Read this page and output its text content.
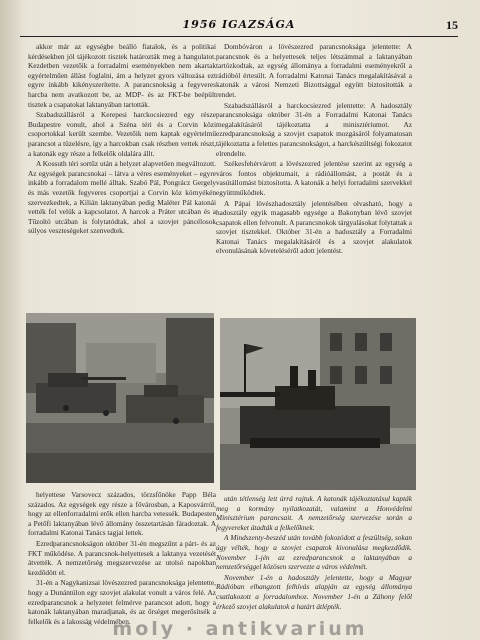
1956 IGAZSÁGA	15

akkor már az egységbe beálló fiatalok, és a politikai kérdésekben jól tájékozott tisztek határozták meg a hangulatot. Kezdetben vezetőik a forradalmi eseményekben nem akartak egyértelműen állást foglalni, ám a helyzet gyors változása ezt egyre inkább kikényszerítette. A parancsnokság a fegyveres harcba nem avatkozott be, az MDP- és az FKT-be beépült tisztek a csapatokat laktanyában tartották.

Szabadszállásról a Kerepesi harckocsiezred egy része Budapestre vonult, ahol a Széna téri és a Corvin közi csoportokkal került szembe. Vezetőik nem kaptak egyértelmű parancsot a tüzelésre, így a harcokban csak részben vettek részt, a katonák egy része a felkelők oldalára állt.

A Kossuth téri sortűz után a helyzet alapvetően megváltozott. Az egységek parancsnokai – látva a véres eseményeket – egyre inkább a forradalom mellé álltak. Szabó Pál, Pongrácz Gergely és más vezetők fegyveres csoportjai a Corvin köz környékén szervezkedtek, a Kilián laktanyában pedig Maléter Pál katonái vették fel velük a kapcsolatot. A harcok a Práter utcában és a Tűzoltó utcában is folytatódtak, ahol a szovjet páncélosok súlyos veszteségeket szenvedtek.

helyettese Varsovecz százados, törzsfőnöke Papp Béla százados. Az egységek egy része a fővárosban, a Kaposvárról, hogy az ellenforradalmi erők ellen harcba vetessék. Budapesten a Petőfi laktanyában lévő állomány összetartásán fáradoztak. A forradalmi Katonai Tanács tagjai lettek.

Ezredparancsnokságon október 31-én megszűnt a párt- és az FKT működése. A parancsnok-helyettesek a laktanya vezetését átvették. A nemzetőrség megszervezése az utolsó napokban kezdődött el.

31-én a Nagykanizsai lövészezred parancsnoksága jelentette, hogy a Dunántúlon egy szovjet alakulat vonult a város felé. Az ezredparancsnok a helyzetet felmérve parancsot adott, hogy a katonák laktanyában maradjanak, és az őrséget megerősítsék a felkelők és a lakosság védelmében.

Dombóváron a lövészezred parancsnoksága jelentette: A parancsnok és a helyettesek teljes létszámmal a laktanyában tartózkodtak, az egység állománya a forradalmi eseményekről a rádióból értesült. A forradalmi Katonai Tanács megalakításával a katonák a városi Nemzeti Bizottsággal együtt biztosították a rendet.

Szabadszállásról a harckocsiezred jelentette: A hadosztály parancsnoksága október 31-én a Forradalmi Katonai Tanács megalakításáról tájékoztatta a minisztériumot. Az ezredparancsnokság a szovjet csapatok mozgásáról folyamatosan tájékoztatta a felettes parancsnokságot, a harckészültségi fokozatot elrendelte.

Székesfehérvárott a lövészezred jelentése szerint az egység a város fontos objektumait, a rádióállomást, a postát és a vasútállomást biztosította. A katonák a helyi forradalmi szervekkel együttműködtek.

A Pápai lövészhadosztály jelentésében olvasható, hogy a hadosztály egyik magasabb egysége a Bakonyban lévő szovjet csapatok ellen felvonult. A parancsnokok tárgyalásokat folytattak a szovjet tisztekkel. Október 31-én a hadosztály a Forradalmi Katonai Tanács megalakításáról és a szovjet alakulatok elvonulásának követeléséről adott jelentést.

után tétlenség lett úrrá rajtuk. A katonák tájékoztatásul kapták meg a kormány nyilatkozatát, valamint a Honvédelmi Minisztérium parancsait. A nemzetőrség szervezése során a fegyvereket átadták a felkelőknek.

A Mindszenty-beszéd után tovább fokozódott a feszültség, sokan úgy vélték, hogy a szovjet csapatok kivonulása megkezdődik. November 1-jén az ezredparancsnok a laktanyában a nemzetőrséggel közösen szervezte a város védelmét.

November 1-én a hadosztály jelentette, hogy a Magyar Rádióban elhangzott felhívás alapján az egység állománya csatlakozott a forradalomhoz. November 1-én a Záhony felől érkező szovjet alakulatok a határt átlépték.

moly · antikvarium
